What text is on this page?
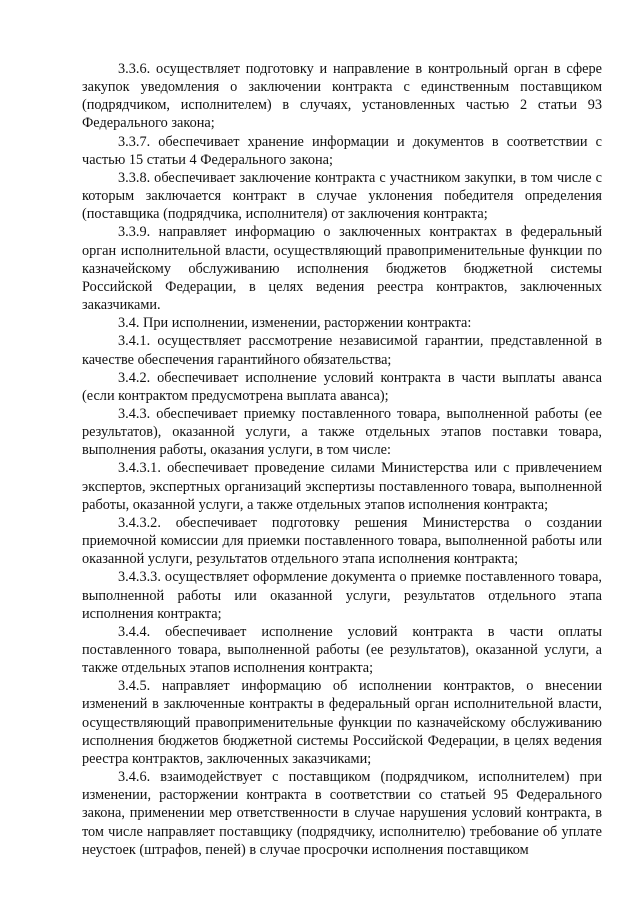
3.3.6. осуществляет подготовку и направление в контрольный орган в сфере закупок уведомления о заключении контракта с единственным поставщиком (подрядчиком, исполнителем) в случаях, установленных частью 2 статьи 93 Федерального закона;

3.3.7. обеспечивает хранение информации и документов в соответствии с частью 15 статьи 4 Федерального закона;

3.3.8. обеспечивает заключение контракта с участником закупки, в том числе с которым заключается контракт в случае уклонения победителя определения (поставщика (подрядчика, исполнителя) от заключения контракта;

3.3.9. направляет информацию о заключенных контрактах в федеральный орган исполнительной власти, осуществляющий правоприменительные функции по казначейскому обслуживанию исполнения бюджетов бюджетной системы Российской Федерации, в целях ведения реестра контрактов, заключенных заказчиками.

3.4. При исполнении, изменении, расторжении контракта:

3.4.1. осуществляет рассмотрение независимой гарантии, представленной в качестве обеспечения гарантийного обязательства;

3.4.2. обеспечивает исполнение условий контракта в части выплаты аванса (если контрактом предусмотрена выплата аванса);

3.4.3. обеспечивает приемку поставленного товара, выполненной работы (ее результатов), оказанной услуги, а также отдельных этапов поставки товара, выполнения работы, оказания услуги, в том числе:

3.4.3.1. обеспечивает проведение силами Министерства или с привлечением экспертов, экспертных организаций экспертизы поставленного товара, выполненной работы, оказанной услуги, а также отдельных этапов исполнения контракта;

3.4.3.2. обеспечивает подготовку решения Министерства о создании приемочной комиссии для приемки поставленного товара, выполненной работы или оказанной услуги, результатов отдельного этапа исполнения контракта;

3.4.3.3. осуществляет оформление документа о приемке поставленного товара, выполненной работы или оказанной услуги, результатов отдельного этапа исполнения контракта;

3.4.4. обеспечивает исполнение условий контракта в части оплаты поставленного товара, выполненной работы (ее результатов), оказанной услуги, а также отдельных этапов исполнения контракта;

3.4.5. направляет информацию об исполнении контрактов, о внесении изменений в заключенные контракты в федеральный орган исполнительной власти, осуществляющий правоприменительные функции по казначейскому обслуживанию исполнения бюджетов бюджетной системы Российской Федерации, в целях ведения реестра контрактов, заключенных заказчиками;

3.4.6. взаимодействует с поставщиком (подрядчиком, исполнителем) при изменении, расторжении контракта в соответствии со статьей 95 Федерального закона, применении мер ответственности в случае нарушения условий контракта, в том числе направляет поставщику (подрядчику, исполнителю) требование об уплате неустоек (штрафов, пеней) в случае просрочки исполнения поставщиком
